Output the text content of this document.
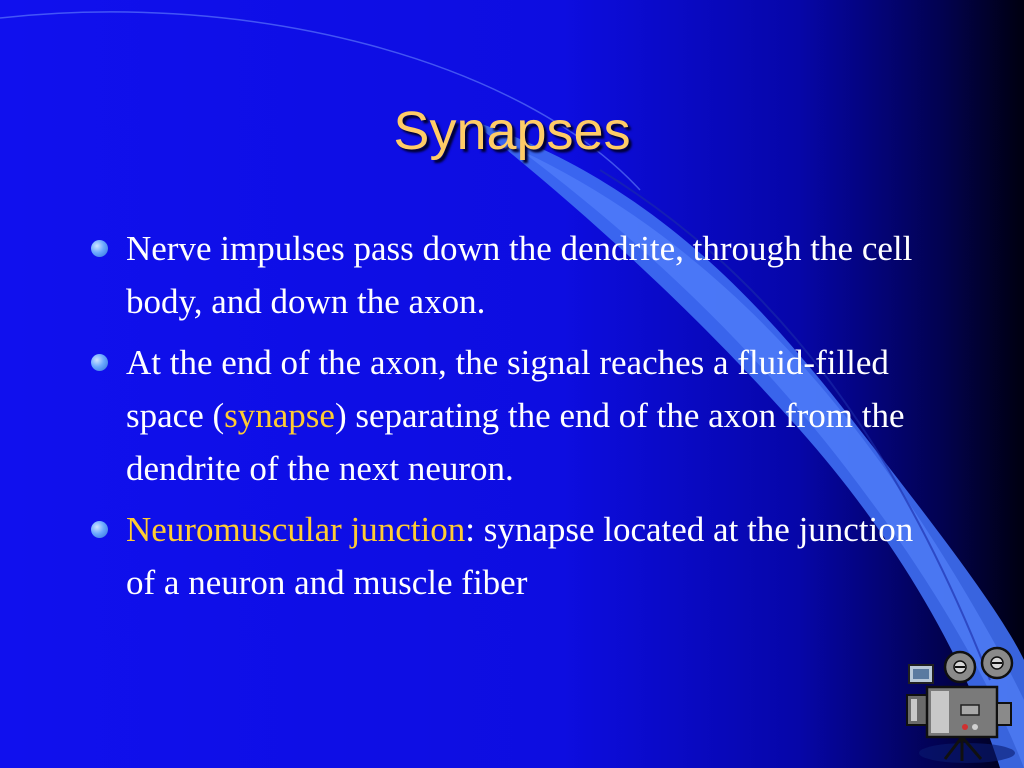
Synapses
Nerve impulses pass down the dendrite, through the cell body, and down the axon.
At the end of the axon, the signal reaches a fluid-filled space (synapse) separating the end of the axon from the dendrite of the next neuron.
Neuromuscular junction: synapse located at the junction of a neuron and muscle fiber
